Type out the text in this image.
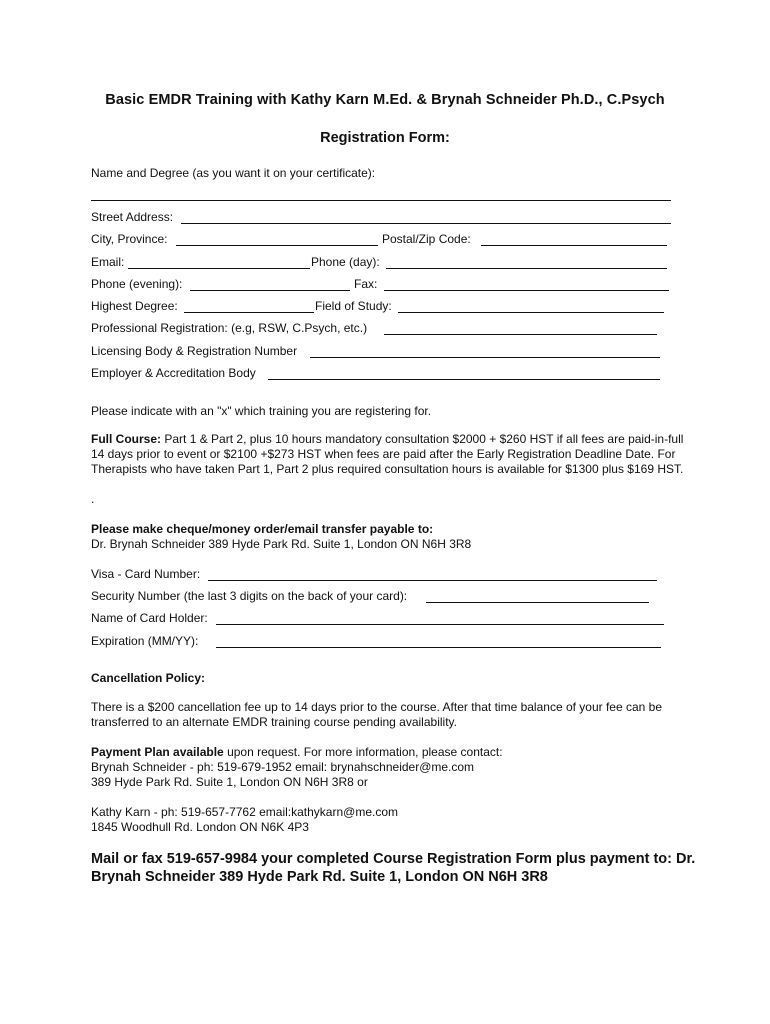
Basic EMDR Training with Kathy Karn M.Ed. & Brynah Schneider Ph.D., C.Psych
Registration Form:
Name and Degree (as you want it on your certificate):
Street Address:
City, Province:	Postal/Zip Code:
Email:	Phone (day):
Phone (evening):	Fax:
Highest Degree:	Field of Study:
Professional Registration: (e.g, RSW, C.Psych, etc.)
Licensing Body & Registration Number
Employer & Accreditation Body
Please indicate with an "x" which training you are registering for.
Full Course: Part 1 & Part 2, plus 10 hours mandatory consultation $2000 + $260 HST if all fees are paid-in-full 14 days prior to event or $2100 +$273 HST when fees are paid after the Early Registration Deadline Date. For Therapists who have taken Part 1, Part 2 plus required consultation hours is available for $1300 plus $169 HST.
.
Please make cheque/money order/email transfer payable to:
Dr. Brynah Schneider 389 Hyde Park Rd. Suite 1, London ON N6H 3R8
Visa - Card Number:
Security Number (the last 3 digits on the back of your card):
Name of Card Holder:
Expiration (MM/YY):
Cancellation Policy:
There is a $200 cancellation fee up to 14 days prior to the course. After that time balance of your fee can be transferred to an alternate EMDR training course pending availability.
Payment Plan available upon request. For more information, please contact:
Brynah Schneider - ph: 519-679-1952 email: brynahschneider@me.com
389 Hyde Park Rd. Suite 1, London ON N6H 3R8 or
Kathy Karn - ph: 519-657-7762 email:kathykarn@me.com
1845 Woodhull Rd. London ON N6K 4P3
Mail or fax 519-657-9984 your completed Course Registration Form plus payment to: Dr. Brynah Schneider 389 Hyde Park Rd. Suite 1, London ON N6H 3R8
